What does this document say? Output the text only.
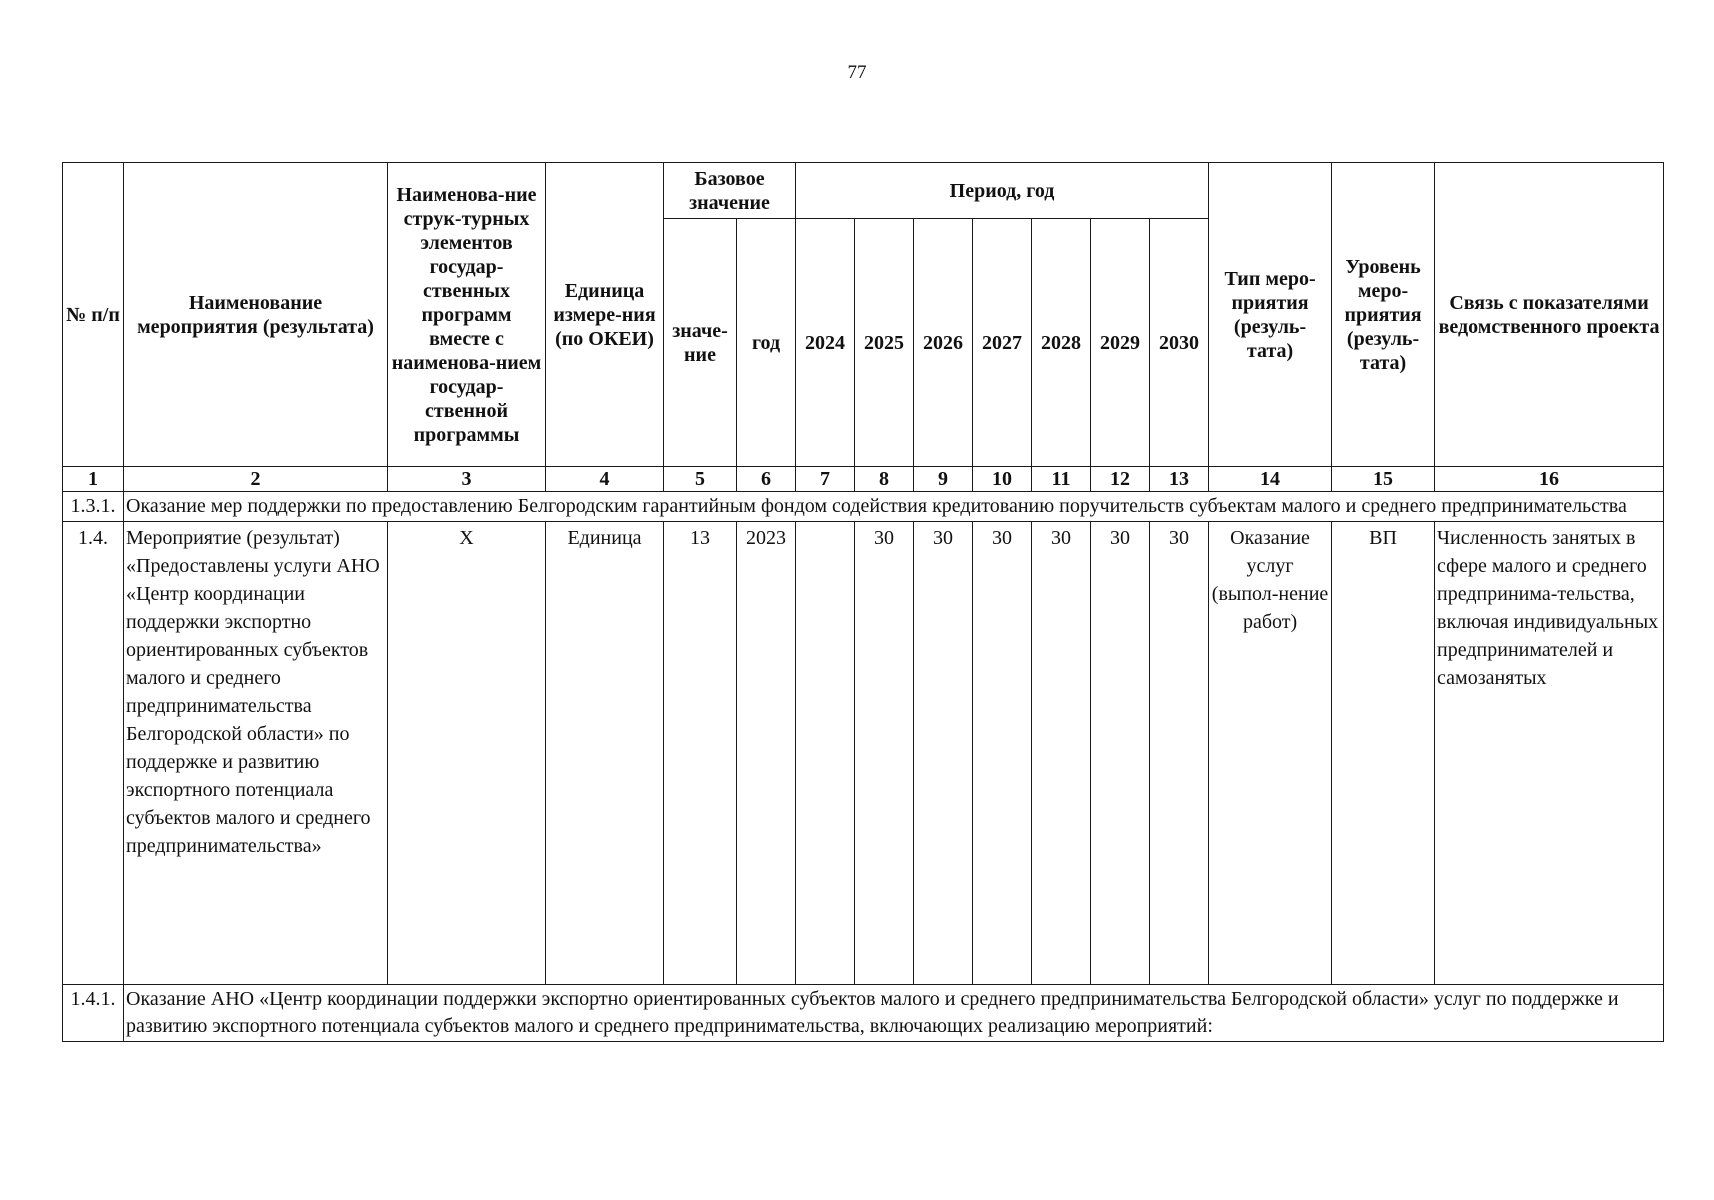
77
№ п/п	Наименование мероприятия (результата)	Наименова-ние струк-турных элементов государ-ственных программ вместе с наименова-нием государ-ственной программы	Единица измере-ния (по ОКЕИ)	Базовое значение		Период, год							Тип меро-приятия (резуль-тата)	Уровень меро-приятия (резуль-тата)	Связь с показателями ведомственного проекта
				значе-ние	год	2024	2025	2026	2027	2028	2029	2030			
1	2	3	4	5	6	7	8	9	10	11	12	13	14	15	16
1.3.1.	Оказание мер поддержки по предоставлению Белгородским гарантийным фондом содействия кредитованию поручительств субъектам малого и среднего предпринимательства														
1.4.	Мероприятие (результат) «Предоставлены услуги АНО «Центр координации поддержки экспортно ориентированных субъектов малого и среднего предпринимательства Белгородской области» по поддержке и развитию экспортного потенциала субъектов малого и среднего предпринимательства»	X	Единица	13	2023		30	30	30	30	30	30	Оказание услуг (выпол-нение работ)	ВП	Численность занятых в сфере малого и среднего предпринима-тельства, включая индивидуальных предпринимателей и самозанятых
1.4.1.	Оказание АНО «Центр координации поддержки экспортно ориентированных субъектов малого и среднего предпринимательства Белгородской области» услуг по поддержке и развитию экспортного потенциала субъектов малого и среднего предпринимательства, включающих реализацию мероприятий:														
